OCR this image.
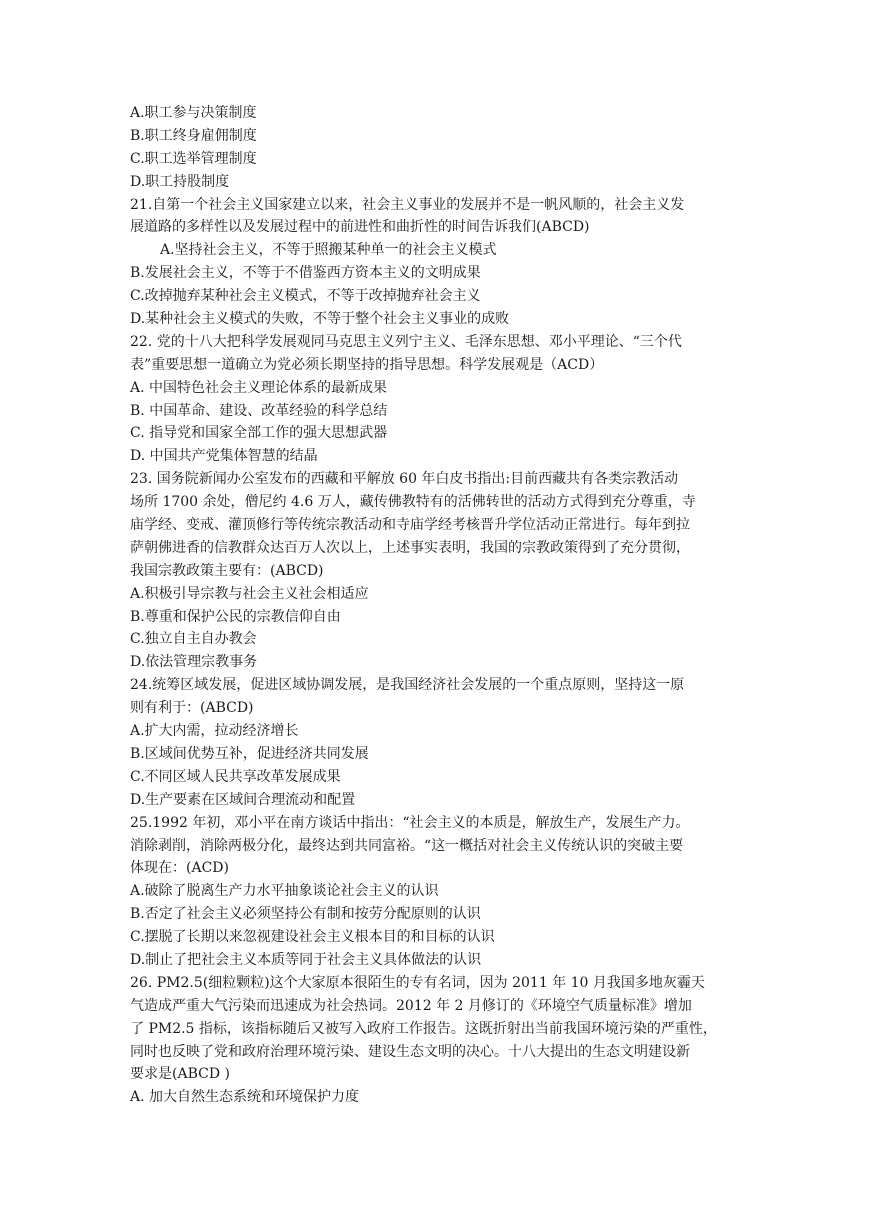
A.职工参与决策制度
B.职工终身雇佣制度
C.职工选举管理制度
D.职工持股制度
21.自第一个社会主义国家建立以来，社会主义事业的发展并不是一帆风顺的，社会主义发
展道路的多样性以及发展过程中的前进性和曲折性的时间告诉我们(ABCD)
A.坚持社会主义，不等于照搬某种单一的社会主义模式
B.发展社会主义，不等于不借鉴西方资本主义的文明成果
C.改掉抛弃某种社会主义模式，不等于改掉抛弃社会主义
D.某种社会主义模式的失败，不等于整个社会主义事业的成败
22. 党的十八大把科学发展观同马克思主义列宁主义、毛泽东思想、邓小平理论、“三个代
表”重要思想一道确立为党必须长期坚持的指导思想。科学发展观是（ACD）
A. 中国特色社会主义理论体系的最新成果
B. 中国革命、建设、改革经验的科学总结
C. 指导党和国家全部工作的强大思想武器
D. 中国共产党集体智慧的结晶
23. 国务院新闻办公室发布的西藏和平解放 60 年白皮书指出:目前西藏共有各类宗教活动
场所 1700 余处，僧尼约 4.6 万人，藏传佛教特有的活佛转世的活动方式得到充分尊重，寺
庙学经、变戒、灌顶修行等传统宗教活动和寺庙学经考核晋升学位活动正常进行。每年到拉
萨朝佛进香的信教群众达百万人次以上，上述事实表明，我国的宗教政策得到了充分贯彻，
我国宗教政策主要有：(ABCD)
A.积极引导宗教与社会主义社会相适应
B.尊重和保护公民的宗教信仰自由
C.独立自主自办教会
D.依法管理宗教事务
24.统筹区域发展，促进区域协调发展，是我国经济社会发展的一个重点原则，坚持这一原
则有利于：(ABCD)
A.扩大内需，拉动经济增长
B.区域间优势互补，促进经济共同发展
C.不同区域人民共享改革发展成果
D.生产要素在区域间合理流动和配置
25.1992 年初，邓小平在南方谈话中指出：“社会主义的本质是，解放生产，发展生产力。
消除剥削，消除两极分化，最终达到共同富裕。“这一概括对社会主义传统认识的突破主要
体现在：(ACD)
A.破除了脱离生产力水平抽象谈论社会主义的认识
B.否定了社会主义必须坚持公有制和按劳分配原则的认识
C.摆脱了长期以来忽视建设社会主义根本目的和目标的认识
D.制止了把社会主义本质等同于社会主义具体做法的认识
26. PM2.5(细粒颗粒)这个大家原本很陌生的专有名词，因为 2011 年 10 月我国多地灰霾天
气造成严重大气污染而迅速成为社会热词。2012 年 2 月修订的《环境空气质量标准》增加
了 PM2.5 指标，该指标随后又被写入政府工作报告。这既折射出当前我国环境污染的严重性，
同时也反映了党和政府治理环境污染、建设生态文明的决心。十八大提出的生态文明建设新
要求是(ABCD )
A. 加大自然生态系统和环境保护力度
